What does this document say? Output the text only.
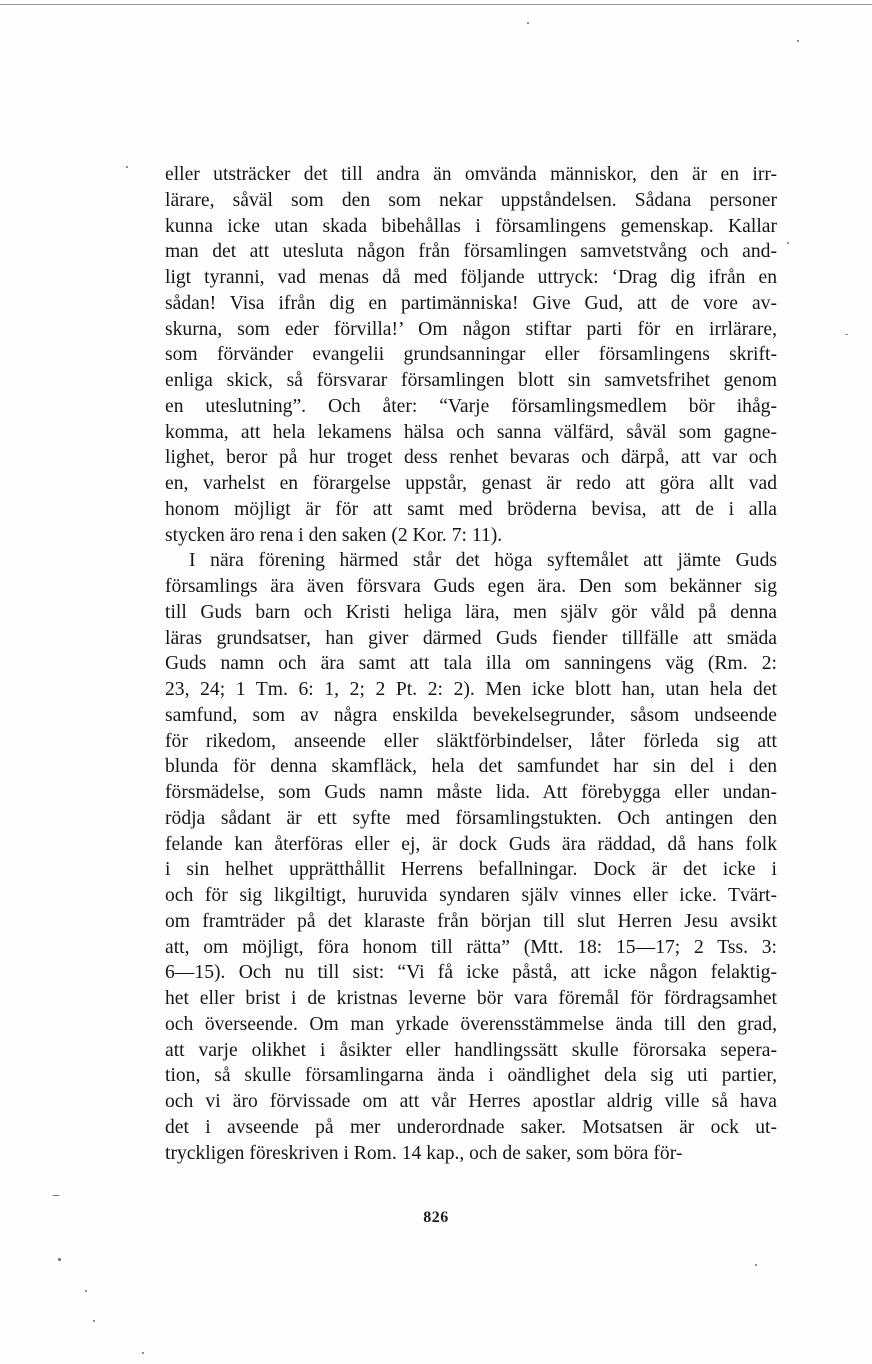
eller utsträcker det till andra än omvända människor, den är en irr-

lärare, såväl som den som nekar uppståndelsen. Sådana personer

kunna icke utan skada bibehållas i församlingens gemenskap. Kallar

man det att utesluta någon från församlingen samvetstvång och and-

ligt tyranni, vad menas då med följande uttryck: ‘Drag dig ifrån en

sådan! Visa ifrån dig en partimänniska! Give Gud, att de vore av-

skurna, som eder förvilla!’ Om någon stiftar parti för en irrlärare,

som förvänder evangelii grundsanningar eller församlingens skrift-

enliga skick, så försvarar församlingen blott sin samvetsfrihet genom

en uteslutning”. Och åter: “Varje församlingsmedlem bör ihåg-

komma, att hela lekamens hälsa och sanna välfärd, såväl som gagne-

lighet, beror på hur troget dess renhet bevaras och därpå, att var och

en, varhelst en förargelse uppstår, genast är redo att göra allt vad

honom möjligt är för att samt med bröderna bevisa, att de i alla

stycken äro rena i den saken (2 Kor. 7: 11).

I nära förening härmed står det höga syftemålet att jämte Guds

församlings ära även försvara Guds egen ära. Den som bekänner sig

till Guds barn och Kristi heliga lära, men själv gör våld på denna

läras grundsatser, han giver därmed Guds fiender tillfälle att smäda

Guds namn och ära samt att tala illa om sanningens väg (Rm. 2:

23, 24; 1 Tm. 6: 1, 2; 2 Pt. 2: 2). Men icke blott han, utan hela det

samfund, som av några enskilda bevekelsegrunder, såsom undseende

för rikedom, anseende eller släktförbindelser, låter förleda sig att

blunda för denna skamfläck, hela det samfundet har sin del i den

försmädelse, som Guds namn måste lida. Att förebygga eller undan-

rödja sådant är ett syfte med församlingstukten. Och antingen den

felande kan återföras eller ej, är dock Guds ära räddad, då hans folk

i sin helhet upprätthållit Herrens befallningar. Dock är det icke i

och för sig likgiltigt, huruvida syndaren själv vinnes eller icke. Tvärt-

om framträder på det klaraste från början till slut Herren Jesu avsikt

att, om möjligt, föra honom till rätta” (Mtt. 18: 15—17; 2 Tss. 3:

6—15). Och nu till sist: “Vi få icke påstå, att icke någon felaktig-

het eller brist i de kristnas leverne bör vara föremål för fördragsamhet

och överseende. Om man yrkade överensstämmelse ända till den grad,

att varje olikhet i åsikter eller handlingssätt skulle förorsaka sepera-

tion, så skulle församlingarna ända i oändlighet dela sig uti partier,

och vi äro förvissade om att vår Herres apostlar aldrig ville så hava

det i avseende på mer underordnade saker. Motsatsen är ock ut-

tryckligen föreskriven i Rom. 14 kap., och de saker, som böra för-

826
